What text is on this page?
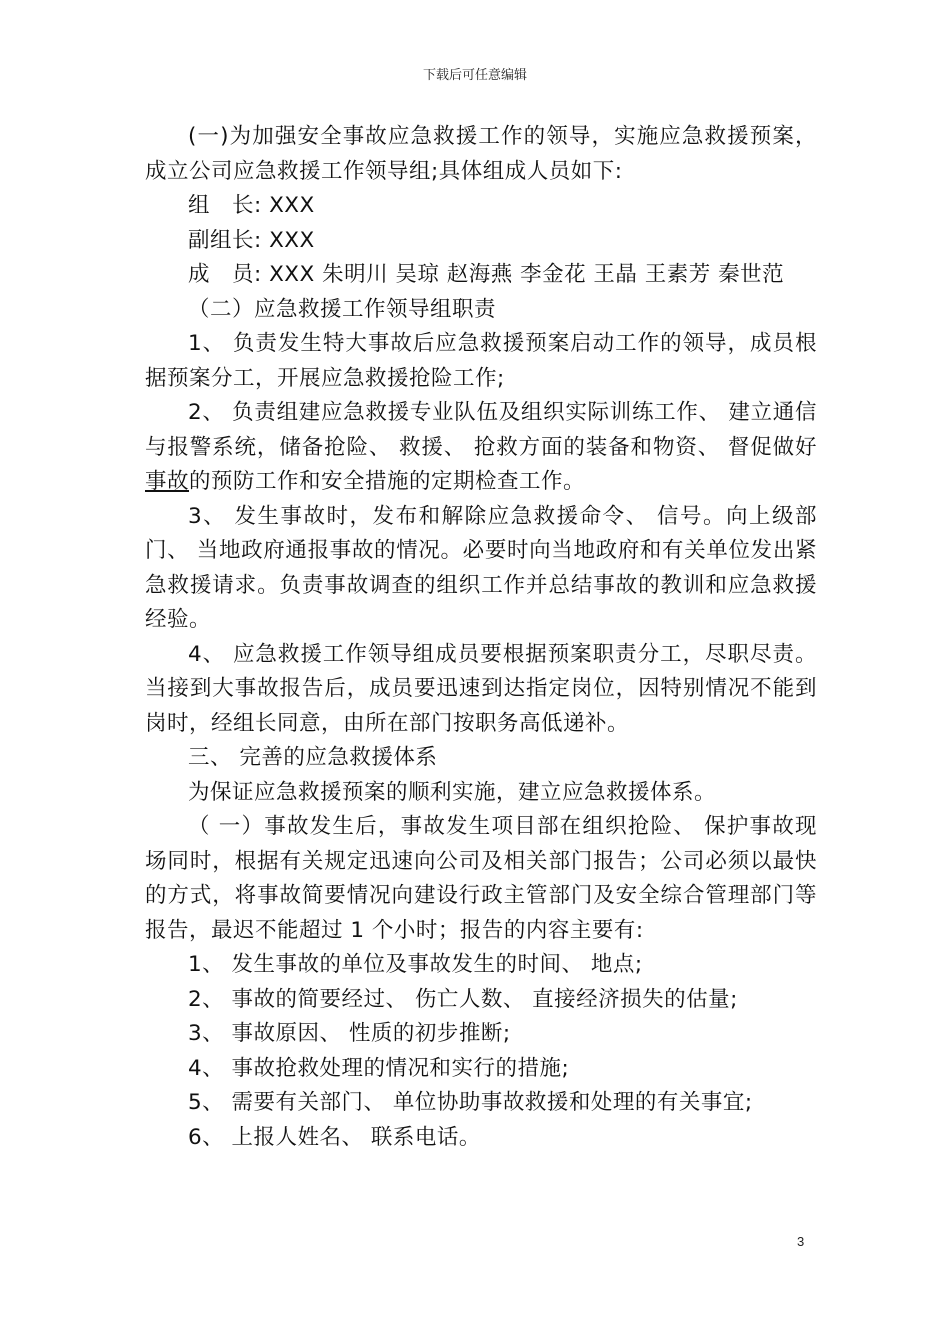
下载后可任意编辑

(一)为加强安全事故应急救援工作的领导，实施应急救援预案，成立公司应急救援工作领导组;具体组成人员如下:

组　长: XXX

副组长: XXX

成　员: XXX 朱明川 吴琼 赵海燕 李金花 王晶 王素芳 秦世范

（二）应急救援工作领导组职责

1、 负责发生特大事故后应急救援预案启动工作的领导，成员根据预案分工，开展应急救援抢险工作;

2、 负责组建应急救援专业队伍及组织实际训练工作、 建立通信与报警系统，储备抢险、 救援、 抢救方面的装备和物资、 督促做好事故的预防工作和安全措施的定期检查工作。

3、 发生事故时，发布和解除应急救援命令、 信号。向上级部门、 当地政府通报事故的情况。必要时向当地政府和有关单位发出紧急救援请求。负责事故调查的组织工作并总结事故的教训和应急救援经验。

4、 应急救援工作领导组成员要根据预案职责分工，尽职尽责。当接到大事故报告后，成员要迅速到达指定岗位，因特别情况不能到岗时，经组长同意，由所在部门按职务高低递补。

三、 完善的应急救援体系

为保证应急救援预案的顺利实施，建立应急救援体系。

（ 一）事故发生后，事故发生项目部在组织抢险、 保护事故现场同时，根据有关规定迅速向公司及相关部门报告；公司必须以最快的方式，将事故简要情况向建设行政主管部门及安全综合管理部门等报告，最迟不能超过 1 个小时；报告的内容主要有:

1、 发生事故的单位及事故发生的时间、 地点;

2、 事故的简要经过、 伤亡人数、 直接经济损失的估量;

3、 事故原因、 性质的初步推断;

4、 事故抢救处理的情况和实行的措施;

5、 需要有关部门、 单位协助事故救援和处理的有关事宜;

6、 上报人姓名、 联系电话。

3
